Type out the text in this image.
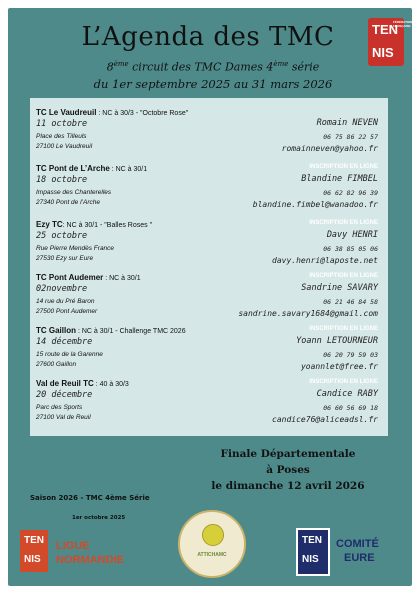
L’Agenda des TMC
8ème circuit des TMC Dames 4ème série
du 1er septembre 2025 au 31 mars 2026
TEN
NIS
FÉDÉRATION FRANÇAISE
TC Le Vaudreuil : NC à 30/3 - "Octobre Rose"
11 octobre
Place des Tilleuls
27100 Le Vaudreuil
Romain NEVEN
06 75 86 22 57
romainneven@yahoo.fr
TC Pont de L’Arche : NC à 30/1	INSCRIPTION EN LIGNE
18 octobre
Impasse des Chanterelles
27340 Pont de l’Arche
Blandine FIMBEL
06 62 82 96 39
blandine.fimbel@wanadoo.fr
Ezy TC: NC à 30/1 - "Balles Roses "	INSCRIPTION EN LIGNE
25 octobre
Rue Pierre Mendès France
27530 Ezy sur Eure
Davy HENRI
06 38 85 05 06
davy.henri@laposte.net
TC Pont Audemer : NC à 30/1	INSCRIPTION EN LIGNE
02novembre
14 rue du Pré Baron
27500 Pont Audemer
Sandrine SAVARY
06 21 46 84 58
sandrine.savary1684@gmail.com
TC Gaillon : NC à 30/1 - Challenge TMC 2026	INSCRIPTION EN LIGNE
14 décembre
15 route de la Garenne
27600 Gaillon
Yoann LETOURNEUR
06 20 79 59 03
yoannlet@free.fr
Val de Reuil TC : 40 à 30/3	INSCRIPTION EN LIGNE
20 décembre
Parc des Sports
27100 Val de Reuil
Candice RABY
06 60 56 69 18
candice76@aliceadsl.fr
Finale Départementale
à Poses
le dimanche 12 avril 2026
Saison 2026 - TMC 4ème Série
1er octobre 2025
TEN
NIS
LIGUE
NORMANDIE	ATTICHAMC
TEN
NIS
COMITÉ
EURE
